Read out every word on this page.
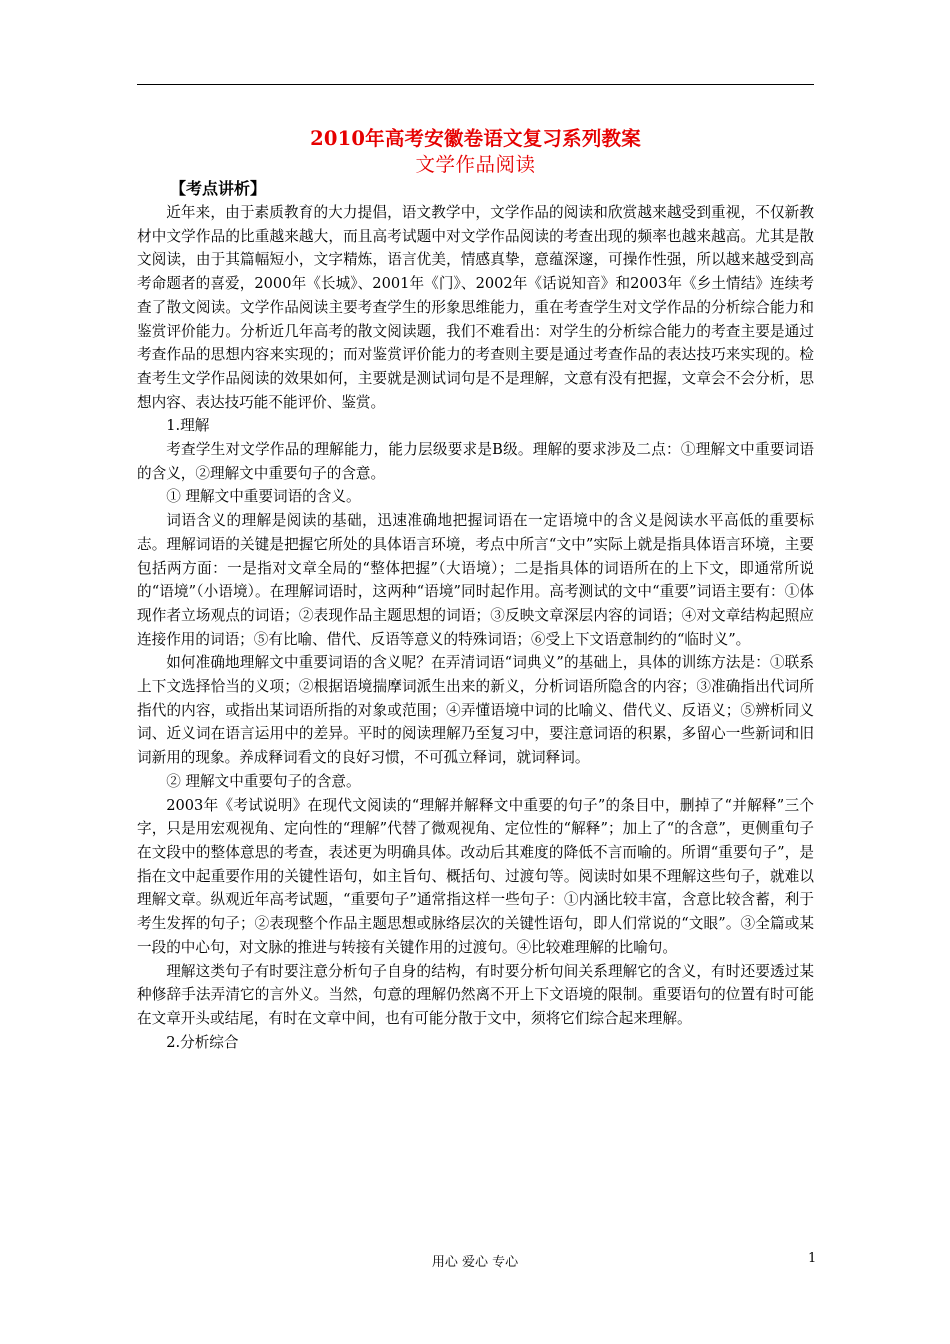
2010年高考安徽卷语文复习系列教案
文学作品阅读
【考点讲析】

近年来，由于素质教育的大力提倡，语文教学中，文学作品的阅读和欣赏越来越受到重视，不仅新教材中文学作品的比重越来越大，而且高考试题中对文学作品阅读的考查出现的频率也越来越高。尤其是散文阅读，由于其篇幅短小，文字精炼，语言优美，情感真挚，意蕴深邃，可操作性强，所以越来越受到高考命题者的喜爱，2000年《长城》、2001年《门》、2002年《话说知音》和2003年《乡土情结》连续考查了散文阅读。文学作品阅读主要考查学生的形象思维能力，重在考查学生对文学作品的分析综合能力和鉴赏评价能力。分析近几年高考的散文阅读题，我们不难看出：对学生的分析综合能力的考查主要是通过考查作品的思想内容来实现的；而对鉴赏评价能力的考查则主要是通过考查作品的表达技巧来实现的。检查考生文学作品阅读的效果如何，主要就是测试词句是不是理解，文意有没有把握，文章会不会分析，思想内容、表达技巧能不能评价、鉴赏。

1.理解

考查学生对文学作品的理解能力，能力层级要求是B级。理解的要求涉及二点：①理解文中重要词语的含义，②理解文中重要句子的含意。

① 理解文中重要词语的含义。

词语含义的理解是阅读的基础，迅速准确地把握词语在一定语境中的含义是阅读水平高低的重要标志。理解词语的关键是把握它所处的具体语言环境，考点中所言“文中”实际上就是指具体语言环境，主要包括两方面：一是指对文章全局的“整体把握”（大语境）；二是指具体的词语所在的上下文，即通常所说的“语境”（小语境）。在理解词语时，这两种“语境”同时起作用。高考测试的文中“重要”词语主要有：①体现作者立场观点的词语；②表现作品主题思想的词语；③反映文章深层内容的词语；④对文章结构起照应连接作用的词语；⑤有比喻、借代、反语等意义的特殊词语；⑥受上下文语意制约的“临时义”。

如何准确地理解文中重要词语的含义呢？在弄清词语“词典义”的基础上，具体的训练方法是：①联系上下文选择恰当的义项；②根据语境揣摩词派生出来的新义，分析词语所隐含的内容；③准确指出代词所指代的内容，或指出某词语所指的对象或范围；④弄懂语境中词的比喻义、借代义、反语义；⑤辨析同义词、近义词在语言运用中的差异。平时的阅读理解乃至复习中，要注意词语的积累，多留心一些新词和旧词新用的现象。养成释词看文的良好习惯，不可孤立释词，就词释词。

② 理解文中重要句子的含意。

2003年《考试说明》在现代文阅读的“理解并解释文中重要的句子”的条目中，删掉了“并解释”三个字，只是用宏观视角、定向性的“理解”代替了微观视角、定位性的“解释”；加上了“的含意”，更侧重句子在文段中的整体意思的考查，表述更为明确具体。改动后其难度的降低不言而喻的。所谓“重要句子”，是指在文中起重要作用的关键性语句，如主旨句、概括句、过渡句等。阅读时如果不理解这些句子，就难以理解文章。纵观近年高考试题，“重要句子”通常指这样一些句子：①内涵比较丰富，含意比较含蓄，利于考生发挥的句子；②表现整个作品主题思想或脉络层次的关键性语句，即人们常说的“文眼”。③全篇或某一段的中心句，对文脉的推进与转接有关键作用的过渡句。④比较难理解的比喻句。

理解这类句子有时要注意分析句子自身的结构，有时要分析句间关系理解它的含义，有时还要透过某种修辞手法弄清它的言外义。当然，句意的理解仍然离不开上下文语境的限制。重要语句的位置有时可能在文章开头或结尾，有时在文章中间，也有可能分散于文中，须将它们综合起来理解。

2.分析综合

用心 爱心 专心	1
